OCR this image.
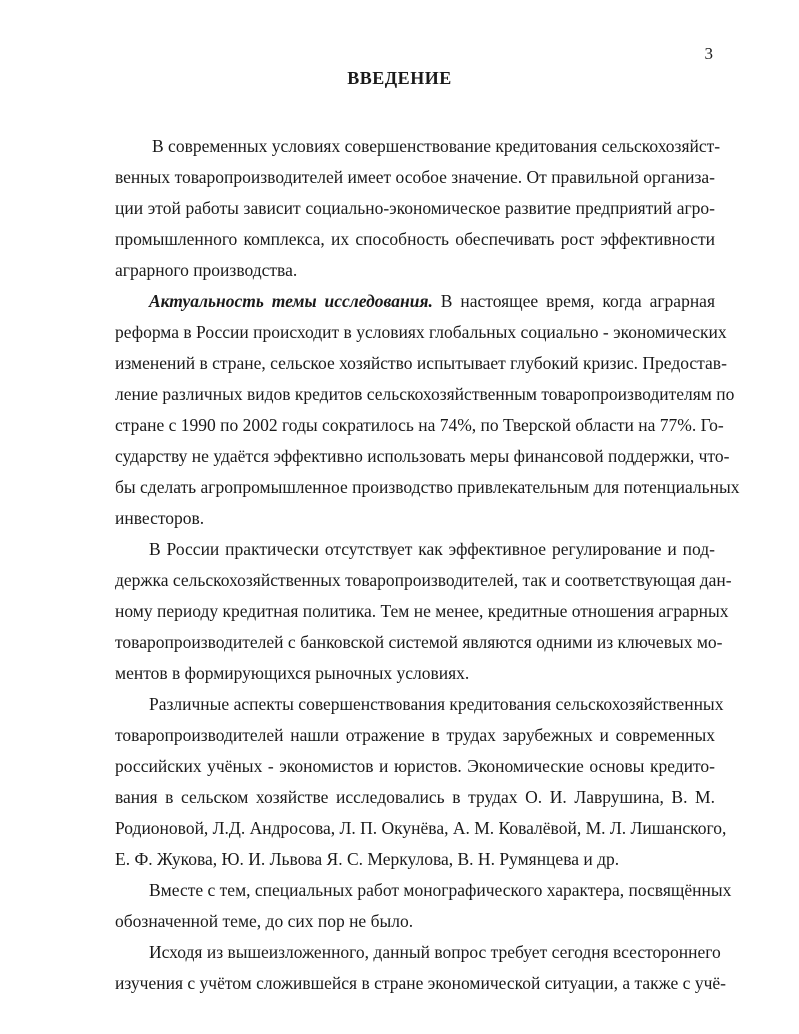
3
ВВЕДЕНИЕ
В современных условиях совершенствование кредитования сельскохозяйст-
венных товаропроизводителей имеет особое значение. От правильной организа-
ции этой работы зависит социально-экономическое развитие предприятий агро-
промышленного комплекса, их способность обеспечивать рост эффективности
аграрного производства.
Актуальность темы исследования. В настоящее время, когда аграрная
реформа в России происходит в условиях глобальных социально - экономических
изменений в стране, сельское хозяйство испытывает глубокий кризис. Предостав-
ление различных видов кредитов сельскохозяйственным товаропроизводителям по
стране с 1990 по 2002 годы сократилось на 74%, по Тверской области на 77%. Го-
сударству не удаётся эффективно использовать меры финансовой поддержки, что-
бы сделать агропромышленное производство привлекательным для потенциальных
инвесторов.
В России практически отсутствует как эффективное регулирование и под-
держка сельскохозяйственных товаропроизводителей, так и соответствующая дан-
ному периоду кредитная политика. Тем не менее, кредитные отношения аграрных
товаропроизводителей с банковской системой являются одними из ключевых мо-
ментов в формирующихся рыночных условиях.
Различные аспекты совершенствования кредитования сельскохозяйственных
товаропроизводителей нашли отражение в трудах зарубежных и современных
российских учёных - экономистов и юристов. Экономические основы кредито-
вания в сельском хозяйстве исследовались в трудах О. И. Лаврушина, В. М.
Родионовой, Л.Д. Андросова, Л. П. Окунёва, А. М. Ковалёвой, М. Л. Лишанского,
Е. Ф. Жукова, Ю. И. Львова Я. С. Меркулова, В. Н. Румянцева и др.
Вместе с тем, специальных работ монографического характера, посвящённых
обозначенной теме, до сих пор не было.
Исходя из вышеизложенного, данный вопрос требует сегодня всестороннего
изучения с учётом сложившейся в стране экономической ситуации, а также с учё-
